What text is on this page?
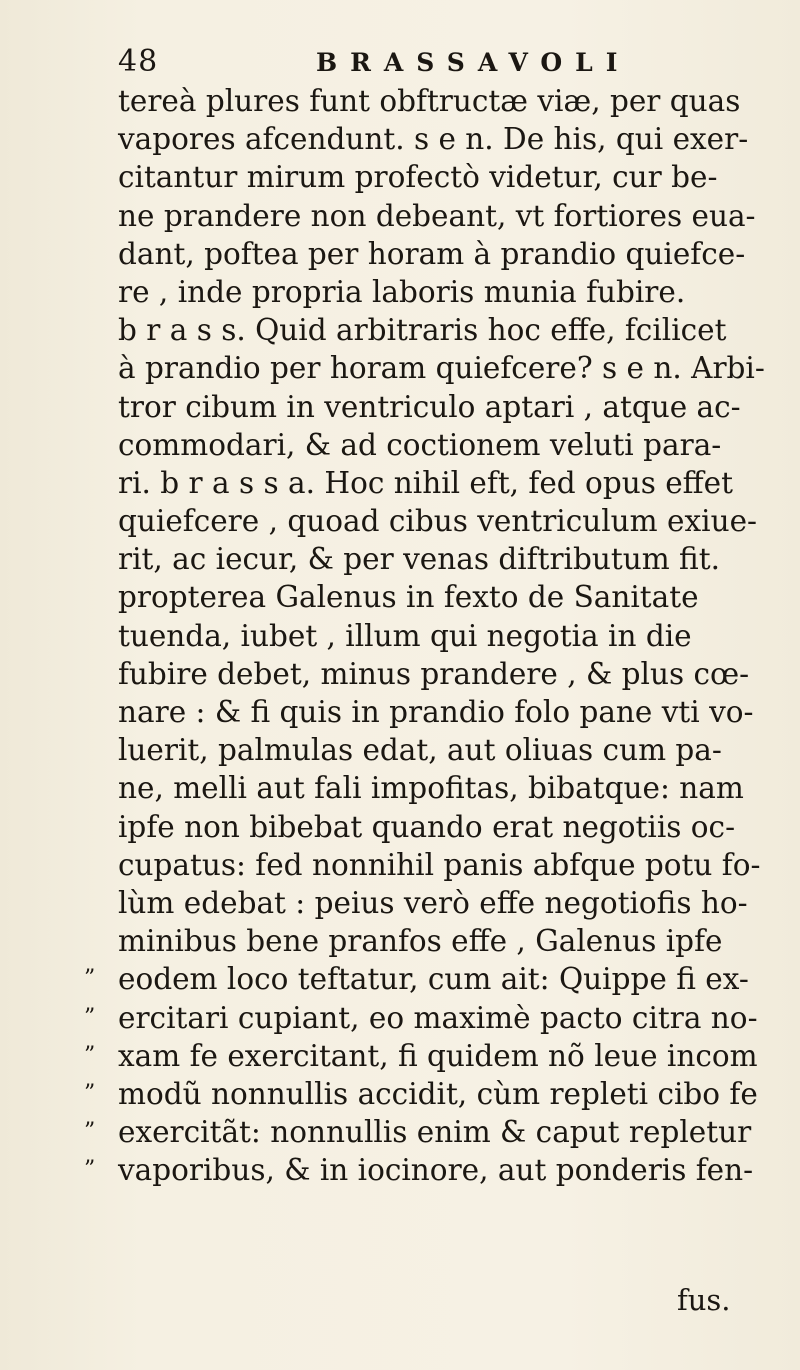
48	BRASSAVOLI
tereà plures funt obftructæ viæ, per quas
vapores afcendunt. s e n. De his, qui exer-
citantur mirum profectò videtur, cur be-
ne prandere non debeant, vt fortiores eua-
dant, poftea per horam à prandio quiefce-
re , inde propria laboris munia fubire.
b r a s s. Quid arbitraris hoc effe, fcilicet
à prandio per horam quiefcere? s e n. Arbi-
tror cibum in ventriculo aptari , atque ac-
commodari, & ad coctionem veluti para-
ri. b r a s s a. Hoc nihil eft, fed opus effet
quiefcere , quoad cibus ventriculum exiue-
rit, ac iecur, & per venas diftributum fit.
propterea Galenus in fexto de Sanitate
tuenda, iubet , illum qui negotia in die
fubire debet, minus prandere , & plus cœ-
nare : & fi quis in prandio folo pane vti vo-
luerit, palmulas edat, aut oliuas cum pa-
ne, melli aut fali impofitas, bibatque: nam
ipfe non bibebat quando erat negotiis oc-
cupatus: fed nonnihil panis abfque potu fo-
lùm edebat : peius verò effe negotiofis ho-
minibus bene pranfos effe , Galenus ipfe
” eodem loco teftatur, cum ait: Quippe fi ex-
” ercitari cupiant, eo maximè pacto citra no-
” xam fe exercitant, fi quidem nõ leue incom
” modũ nonnullis accidit, cùm repleti cibo fe
” exercitãt: nonnullis enim & caput repletur
” vaporibus, & in iocinore, aut ponderis fen-
fus.
